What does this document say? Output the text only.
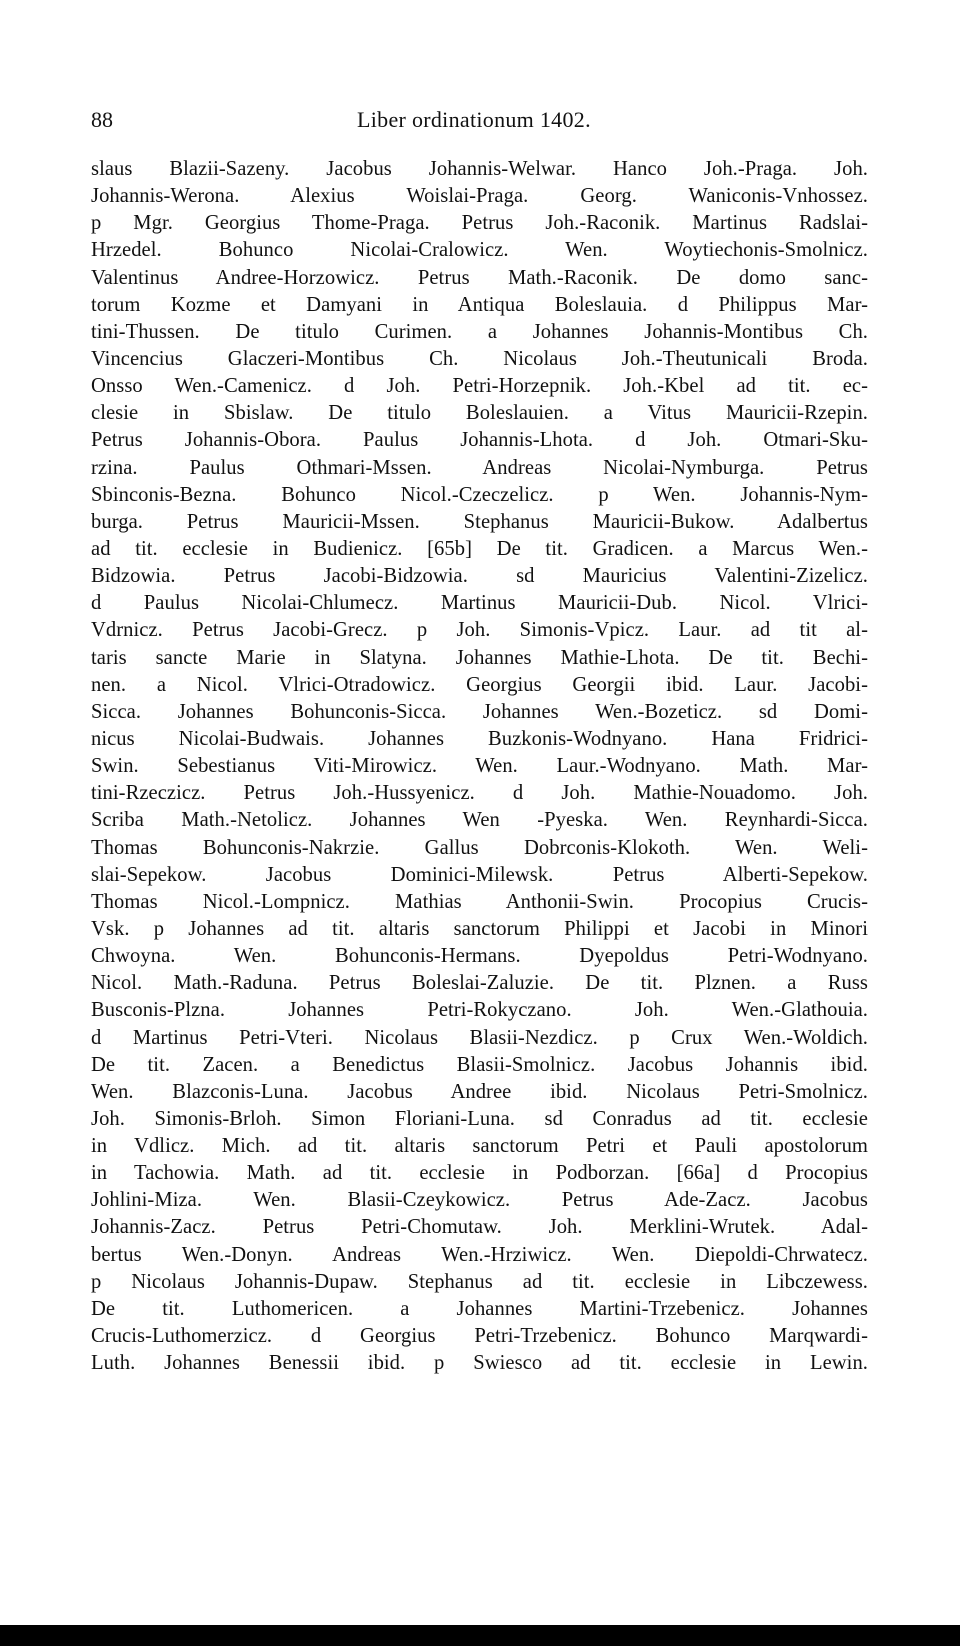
88	Liber ordinationum 1402.
slaus Blazii-Sazeny. Jacobus Johannis-Welwar. Hanco Joh.-Praga. Joh.
Johannis-Werona. Alexius Woislai-Praga. Georg. Waniconis-Vnhossez.
p Mgr. Georgius Thome-Praga. Petrus Joh.-Raconik. Martinus Radslai-
Hrzedel. Bohunco Nicolai-Cralowicz. Wen. Woytiechonis-Smolnicz.
Valentinus Andree-Horzowicz. Petrus Math.-Raconik. De domo sanc-
torum Kozme et Damyani in Antiqua Boleslauia. d Philippus Mar-
tini-Thussen. De titulo Curimen. a Johannes Johannis-Montibus Ch.
Vincencius Glaczeri-Montibus Ch. Nicolaus Joh.-Theutunicali Broda.
Onsso Wen.-Camenicz. d Joh. Petri-Horzepnik. Joh.-Kbel ad tit. ec-
clesie in Sbislaw. De titulo Boleslauien. a Vitus Mauricii-Rzepin.
Petrus Johannis-Obora. Paulus Johannis-Lhota. d Joh. Otmari-Sku-
rzina. Paulus Othmari-Mssen. Andreas Nicolai-Nymburga. Petrus
Sbinconis-Bezna. Bohunco Nicol.-Czeczelicz. p Wen. Johannis-Nym-
burga. Petrus Mauricii-Mssen. Stephanus Mauricii-Bukow. Adalbertus
ad tit. ecclesie in Budienicz. [65b] De tit. Gradicen. a Marcus Wen.-
Bidzowia. Petrus Jacobi-Bidzowia. sd Mauricius Valentini-Zizelicz.
d Paulus Nicolai-Chlumecz. Martinus Mauricii-Dub. Nicol. Vlrici-
Vdrnicz. Petrus Jacobi-Grecz. p Joh. Simonis-Vpicz. Laur. ad tit al-
taris sancte Marie in Slatyna. Johannes Mathie-Lhota. De tit. Bechi-
nen. a Nicol. Vlrici-Otradowicz. Georgius Georgii ibid. Laur. Jacobi-
Sicca. Johannes Bohunconis-Sicca. Johannes Wen.-Bozeticz. sd Domi-
nicus Nicolai-Budwais. Johannes Buzkonis-Wodnyano. Hana Fridrici-
Swin. Sebestianus Viti-Mirowicz. Wen. Laur.-Wodnyano. Math. Mar-
tini-Rzeczicz. Petrus Joh.-Hussyenicz. d Joh. Mathie-Nouadomo. Joh.
Scriba Math.-Netolicz. Johannes Wen -Pyeska. Wen. Reynhardi-Sicca.
Thomas Bohunconis-Nakrzie. Gallus Dobrconis-Klokoth. Wen. Weli-
slai-Sepekow. Jacobus Dominici-Milewsk. Petrus Alberti-Sepekow.
Thomas Nicol.-Lompnicz. Mathias Anthonii-Swin. Procopius Crucis-
Vsk. p Johannes ad tit. altaris sanctorum Philippi et Jacobi in Minori
Chwoyna. Wen. Bohunconis-Hermans. Dyepoldus Petri-Wodnyano.
Nicol. Math.-Raduna. Petrus Boleslai-Zaluzie. De tit. Plznen. a Russ
Busconis-Plzna. Johannes Petri-Rokyczano. Joh. Wen.-Glathouia.
d Martinus Petri-Vteri. Nicolaus Blasii-Nezdicz. p Crux Wen.-Woldich.
De tit. Zacen. a Benedictus Blasii-Smolnicz. Jacobus Johannis ibid.
Wen. Blazconis-Luna. Jacobus Andree ibid. Nicolaus Petri-Smolnicz.
Joh. Simonis-Brloh. Simon Floriani-Luna. sd Conradus ad tit. ecclesie
in Vdlicz. Mich. ad tit. altaris sanctorum Petri et Pauli apostolorum
in Tachowia. Math. ad tit. ecclesie in Podborzan. [66a] d Procopius
Johlini-Miza. Wen. Blasii-Czeykowicz. Petrus Ade-Zacz. Jacobus
Johannis-Zacz. Petrus Petri-Chomutaw. Joh. Merklini-Wrutek. Adal-
bertus Wen.-Donyn. Andreas Wen.-Hrziwicz. Wen. Diepoldi-Chrwatecz.
p Nicolaus Johannis-Dupaw. Stephanus ad tit. ecclesie in Libczewess.
De tit. Luthomericen. a Johannes Martini-Trzebenicz. Johannes
Crucis-Luthomerzicz. d Georgius Petri-Trzebenicz. Bohunco Marqwardi-
Luth. Johannes Benessii ibid. p Swiesco ad tit. ecclesie in Lewin.
